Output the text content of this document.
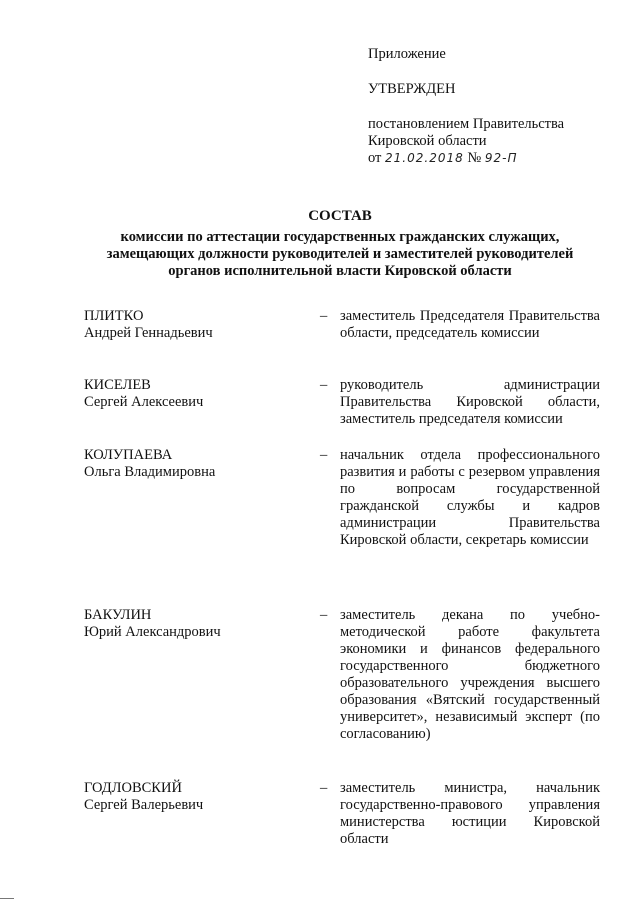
Приложение
УТВЕРЖДЕН
постановлением Правительства
Кировской области
от 21.02.2018 № 92-П
СОСТАВ
комиссии по аттестации государственных гражданских служащих,
замещающих должности руководителей и заместителей руководителей
органов исполнительной власти Кировской области
ПЛИТКО
Андрей Геннадьевич
– заместитель Председателя Правительства области, председатель комиссии
КИСЕЛЕВ
Сергей Алексеевич
– руководитель администрации Правительства Кировской области, заместитель председателя комиссии
КОЛУПАЕВА
Ольга Владимировна
– начальник отдела профессионального развития и работы с резервом управления по вопросам государственной гражданской службы и кадров администрации Правительства Кировской области, секретарь комиссии
БАКУЛИН
Юрий Александрович
– заместитель декана по учебно-методической работе факультета экономики и финансов федерального государственного бюджетного образовательного учреждения высшего образования «Вятский государственный университет», независимый эксперт (по согласованию)
ГОДЛОВСКИЙ
Сергей Валерьевич
– заместитель министра, начальник государственно-правового управления министерства юстиции Кировской области
